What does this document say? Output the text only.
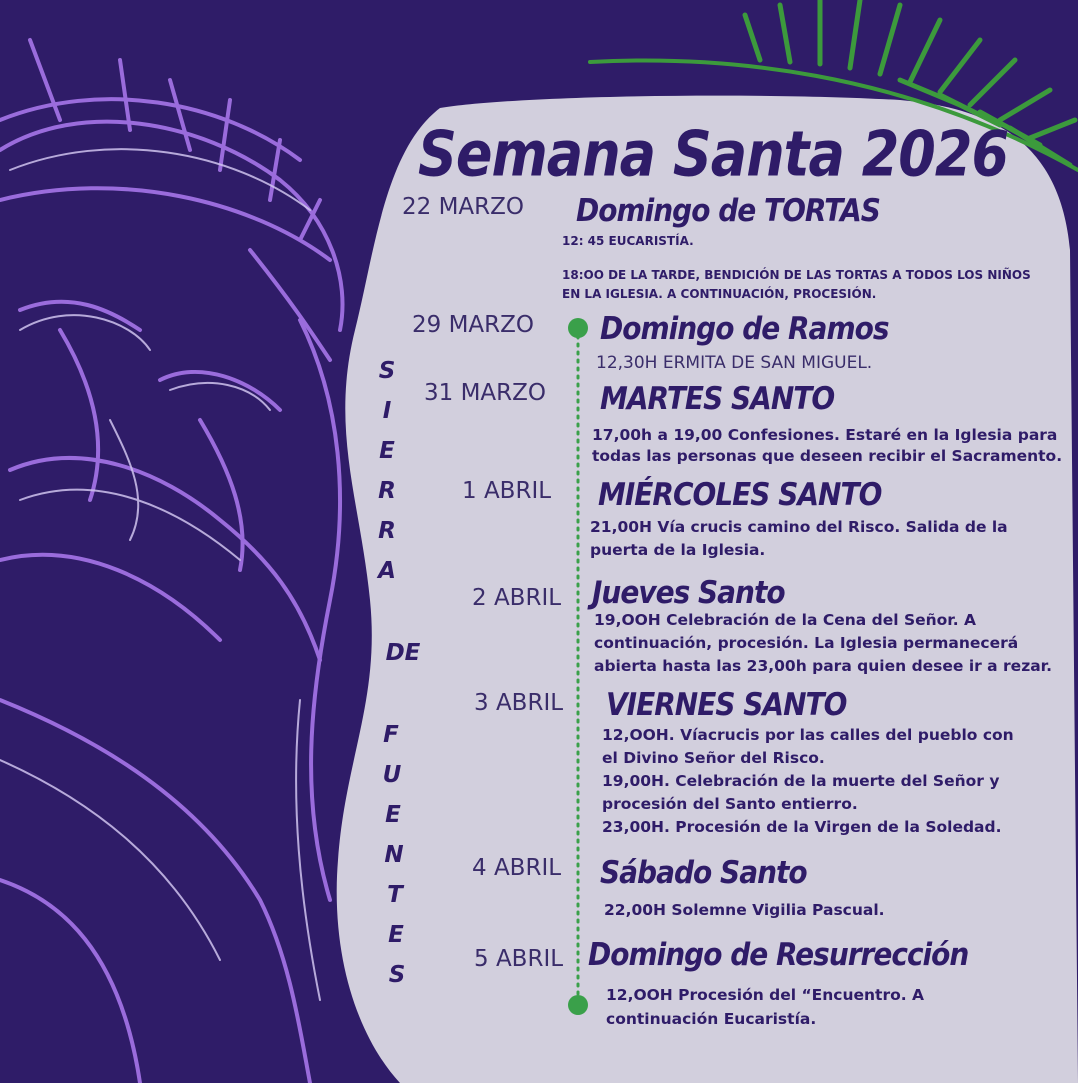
Semana Santa 2026
S
I
E
R
R
A
DE
F
U
E
N
T
E
S
22 MARZO Domingo de TORTAS
12: 45 EUCARISTÍA.
18:OO DE LA TARDE, BENDICIÓN DE LAS TORTAS A TODOS LOS NIÑOS
EN LA IGLESIA. A CONTINUACIÓN, PROCESIÓN.
29 MARZO Domingo de Ramos
12,30H ERMITA DE SAN MIGUEL.
31 MARZO MARTES SANTO
17,00h a 19,00 Confesiones. Estaré en la Iglesia para
todas las personas que deseen recibir el Sacramento.
1 ABRIL MIÉRCOLES SANTO
21,00H Vía crucis camino del Risco. Salida de la
puerta de la Iglesia.
2 ABRIL Jueves Santo
19,OOH Celebración de la Cena del Señor. A
continuación, procesión. La Iglesia permanecerá
abierta hasta las 23,00h para quien desee ir a rezar.
3 ABRIL VIERNES SANTO
12,OOH. Víacrucis por las calles del pueblo con
el Divino Señor del Risco.
19,00H. Celebración de la muerte del Señor y
procesión del Santo entierro.
23,00H. Procesión de la Virgen de la Soledad.
4 ABRIL Sábado Santo
22,00H Solemne Vigilia Pascual.
5 ABRIL Domingo de Resurrección
12,OOH Procesión del “Encuentro. A
continuación Eucaristía.
